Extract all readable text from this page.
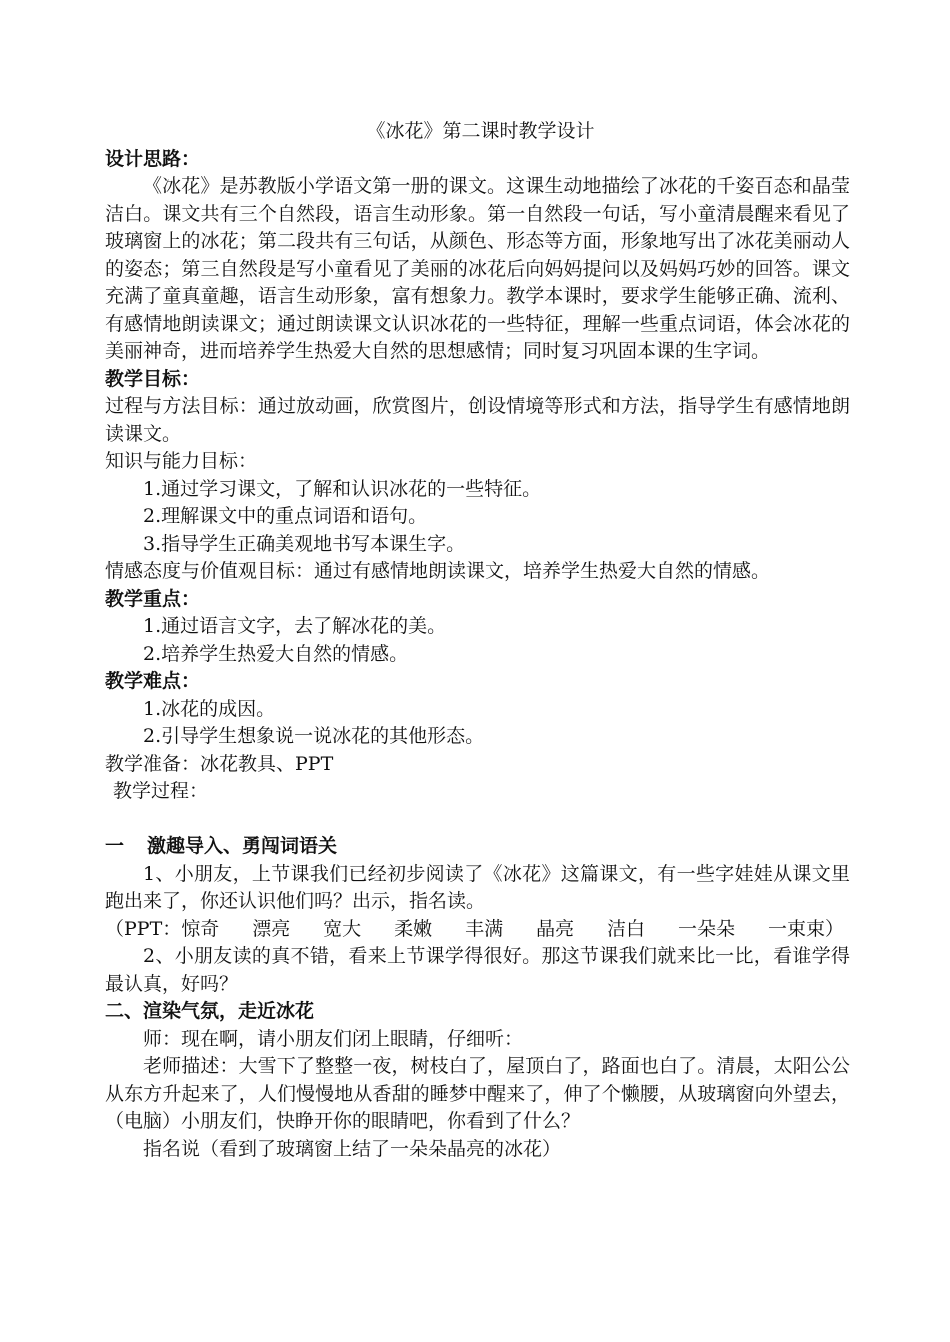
《冰花》第二课时教学设计

设计思路：

《冰花》是苏教版小学语文第一册的课文。这课生动地描绘了冰花的千姿百态和晶莹洁白。课文共有三个自然段，语言生动形象。第一自然段一句话，写小童清晨醒来看见了玻璃窗上的冰花；第二段共有三句话，从颜色、形态等方面，形象地写出了冰花美丽动人的姿态；第三自然段是写小童看见了美丽的冰花后向妈妈提问以及妈妈巧妙的回答。课文充满了童真童趣，语言生动形象，富有想象力。教学本课时，要求学生能够正确、流利、有感情地朗读课文；通过朗读课文认识冰花的一些特征，理解一些重点词语，体会冰花的美丽神奇，进而培养学生热爱大自然的思想感情；同时复习巩固本课的生字词。

教学目标：

过程与方法目标：通过放动画，欣赏图片，创设情境等形式和方法，指导学生有感情地朗读课文。

知识与能力目标：

1.通过学习课文，了解和认识冰花的一些特征。

2.理解课文中的重点词语和语句。

3.指导学生正确美观地书写本课生字。

情感态度与价值观目标：通过有感情地朗读课文，培养学生热爱大自然的情感。

教学重点：

1.通过语言文字，去了解冰花的美。

2.培养学生热爱大自然的情感。

教学难点：

1.冰花的成因。

2.引导学生想象说一说冰花的其他形态。

教学准备：冰花教具、PPT

教学过程：

一	激趣导入、勇闯词语关

1、小朋友，上节课我们已经初步阅读了《冰花》这篇课文，有一些字娃娃从课文里跑出来了，你还认识他们吗？出示，指名读。

（PPT：惊奇 漂亮 宽大 柔嫩 丰满 晶亮 洁白 一朵朵 一束束）

2、小朋友读的真不错，看来上节课学得很好。那这节课我们就来比一比，看谁学得最认真，好吗？

二、渲染气氛，走近冰花

师：现在啊，请小朋友们闭上眼睛，仔细听：

老师描述：大雪下了整整一夜，树枝白了，屋顶白了，路面也白了。清晨，太阳公公从东方升起来了，人们慢慢地从香甜的睡梦中醒来了，伸了个懒腰，从玻璃窗向外望去，（电脑）小朋友们，快睁开你的眼睛吧，你看到了什么？

指名说（看到了玻璃窗上结了一朵朵晶亮的冰花）
